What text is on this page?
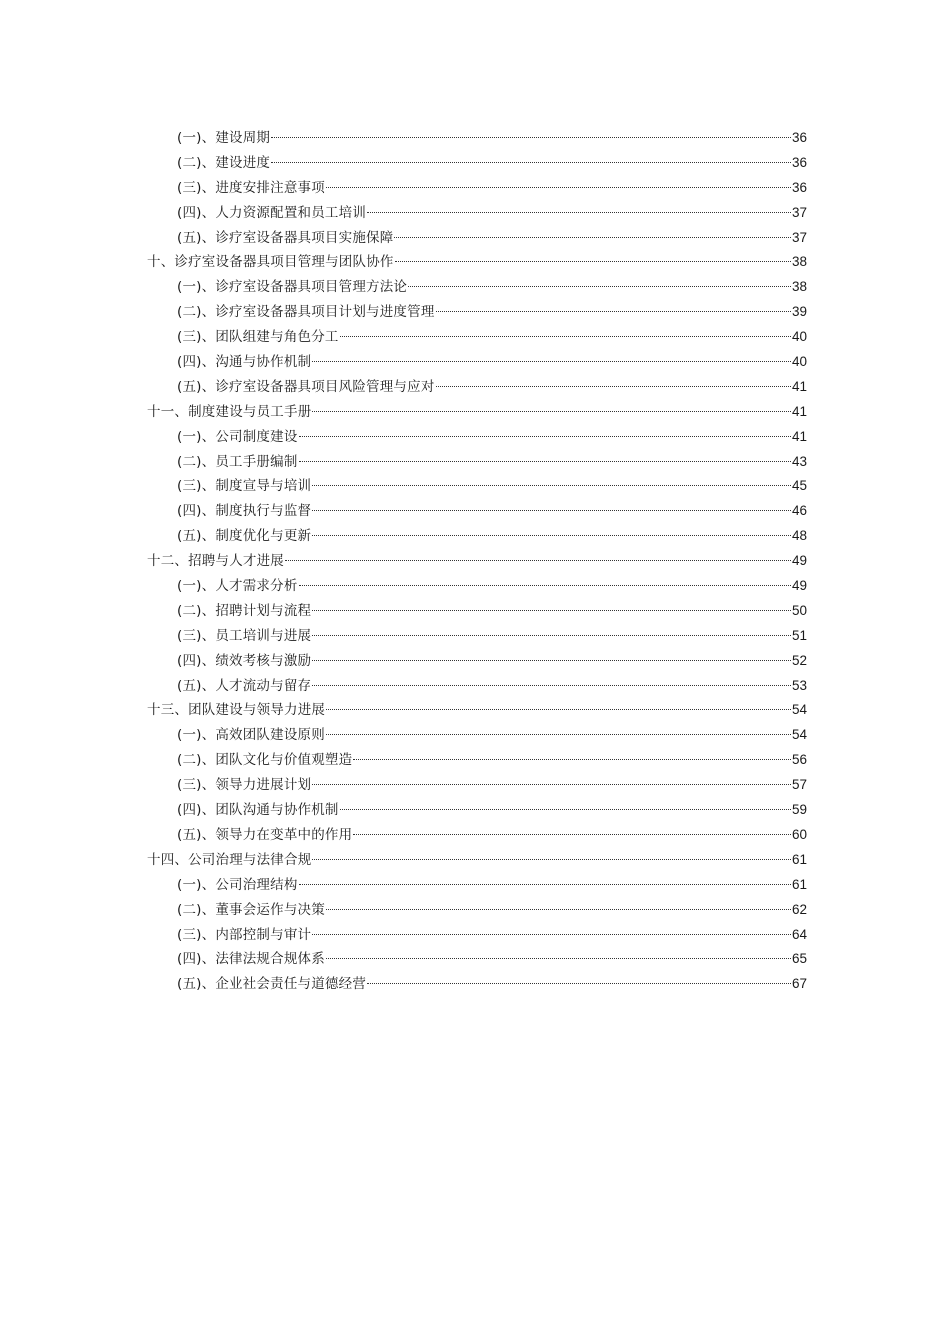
(一)、建设周期	36
(二)、建设进度	36
(三)、进度安排注意事项	36
(四)、人力资源配置和员工培训	37
(五)、诊疗室设备器具项目实施保障	37
十、诊疗室设备器具项目管理与团队协作	38
(一)、诊疗室设备器具项目管理方法论	38
(二)、诊疗室设备器具项目计划与进度管理	39
(三)、团队组建与角色分工	40
(四)、沟通与协作机制	40
(五)、诊疗室设备器具项目风险管理与应对	41
十一、制度建设与员工手册	41
(一)、公司制度建设	41
(二)、员工手册编制	43
(三)、制度宣导与培训	45
(四)、制度执行与监督	46
(五)、制度优化与更新	48
十二、招聘与人才进展	49
(一)、人才需求分析	49
(二)、招聘计划与流程	50
(三)、员工培训与进展	51
(四)、绩效考核与激励	52
(五)、人才流动与留存	53
十三、团队建设与领导力进展	54
(一)、高效团队建设原则	54
(二)、团队文化与价值观塑造	56
(三)、领导力进展计划	57
(四)、团队沟通与协作机制	59
(五)、领导力在变革中的作用	60
十四、公司治理与法律合规	61
(一)、公司治理结构	61
(二)、董事会运作与决策	62
(三)、内部控制与审计	64
(四)、法律法规合规体系	65
(五)、企业社会责任与道德经营	67
